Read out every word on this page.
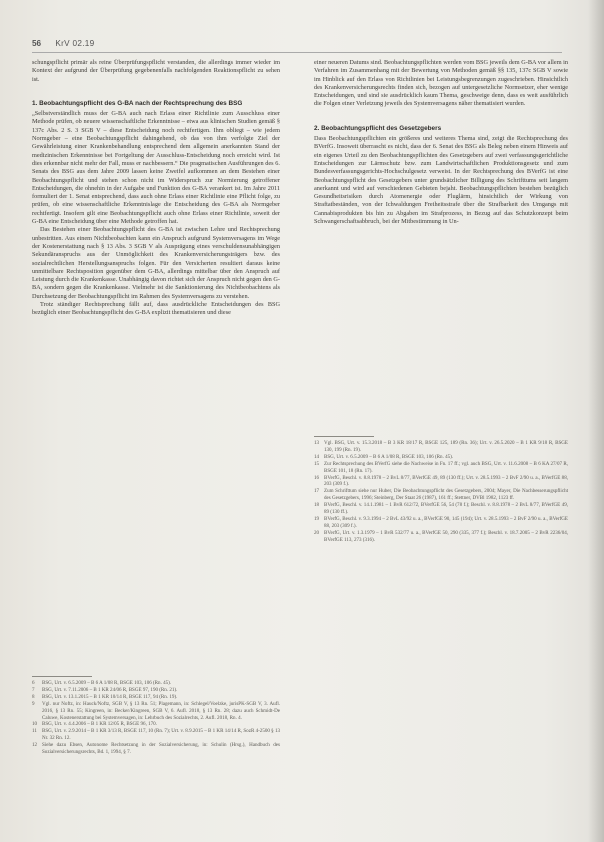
56 KrV 02.19

schungspflicht primär als reine Überprüfungspflicht verstanden, die allerdings immer wieder im Kontext der aufgrund der Überprüfung gegebenenfalls nachfolgenden Reaktionspflicht zu sehen ist.

1. Beobachtungspflicht des G-BA nach der Rechtsprechung des BSG

„Selbstverständlich muss der G-BA auch nach Erlass einer Richtlinie zum Ausschluss einer Methode prüfen, ob neuere wissenschaftliche Erkenntnisse – etwa aus klinischen Studien gemäß § 137c Abs. 2 S. 3 SGB V – diese Entscheidung noch rechtfertigen. Ihm obliegt – wie jedem Normgeber – eine Beobachtungspflicht dahingehend, ob das von ihm verfolgte Ziel der Gewährleistung einer Krankenbehandlung entsprechend dem allgemein anerkannten Stand der medizinischen Erkenntnisse bei Fortgeltung der Ausschluss-Entscheidung noch erreicht wird. Ist dies erkennbar nicht mehr der Fall, muss er nachbessern.“ Die pragmatischen Ausführungen des 6. Senats des BSG aus dem Jahre 2009 lassen keine Zweifel aufkommen an dem Bestehen einer Beobachtungspflicht und stehen schon nicht im Widerspruch zur Normierung getroffener Entscheidungen, die ohnehin in der Aufgabe und Funktion des G-BA verankert ist. Im Jahre 2011 formuliert der 1. Senat entsprechend, dass auch ohne Erlass einer Richtlinie eine Pflicht folge, zu prüfen, ob eine wissenschaftliche Erkenntnislage die Entscheidung des G-BA als Normgeber rechtfertigt. Insofern gilt eine Beobachtungspflicht auch ohne Erlass einer Richtlinie, soweit der G-BA eine Entscheidung über eine Methode getroffen hat.

Das Bestehen einer Beobachtungspflicht des G-BA ist zwischen Lehre und Rechtsprechung unbestritten. Aus einem Nichtbeobachten kann ein Anspruch aufgrund Systemversagens im Wege der Kostenerstattung nach § 13 Abs. 3 SGB V als Ausprägung eines verschuldensunabhängigen Sekundäranspruchs aus der Unmöglichkeit des Krankenversicherungsträgers bzw. des sozialrechtlichen Herstellungsanspruchs folgen. Für den Versicherten resultiert daraus keine unmittelbare Rechtsposition gegenüber dem G-BA, allerdings mittelbar über den Anspruch auf Leistung durch die Krankenkasse. Unabhängig davon richtet sich der Anspruch nicht gegen den G-BA, sondern gegen die Krankenkasse. Vielmehr ist die Sanktionierung des Nichtbeobachtens als Durchsetzung der Beobachtungspflicht im Rahmen des Systemversagens zu verstehen.

Trotz ständiger Rechtsprechung fällt auf, dass ausdrückliche Entscheidungen des BSG bezüglich einer Beobachtungspflicht des G-BA explizit thematisieren und diese

einer neueren Datums sind. Beobachtungspflichten werden vom BSG jeweils dem G-BA vor allem in Verfahren im Zusammenhang mit der Bewertung von Methoden gemäß §§ 135, 137c SGB V sowie im Hinblick auf den Erlass von Richtlinien bei Leistungsbegrenzungen zugeschrieben. Hinsichtlich des Krankenversicherungsrechts finden sich, bezogen auf untergesetzliche Normsetzer, eher wenige Entscheidungen, und sind sie ausdrücklich kaum Thema, geschweige denn, dass es weit ausführlich die Folgen einer Verletzung jeweils des Systemversagens näher thematisiert wurden.

2. Beobachtungspflicht des Gesetzgebers

Dass Beobachtungspflichten ein größeres und weiteres Thema sind, zeigt die Rechtsprechung des BVerfG. Insoweit überrascht es nicht, dass der 6. Senat des BSG als Beleg neben einem Hinweis auf ein eigenes Urteil zu den Beobachtungspflichten des Gesetzgebers auf zwei verfassungsgerichtliche Entscheidungen zur Lärmschutz bzw. zum Landwirtschaftlichen Produktionsgesetz und zum Bundesverfassungsgerichts-Hochschulgesetz verweist. In der Rechtsprechung des BVerfG ist eine Beobachtungspflicht des Gesetzgebers unter grundsätzlicher Billigung des Schrifttums seit langem anerkannt und wird auf verschiedenen Gebieten bejaht. Beobachtungspflichten bestehen bezüglich Gesundheitsrisiken durch Atomenergie oder Fluglärm, hinsichtlich der Wirkung von Straftatbeständen, von der Ichwaldungen Freiheitsstrafe über die Strafbarkeit des Umgangs mit Cannabisprodukten bis hin zu Abgaben im Strafprozess, in Bezug auf das Schutzkonzept beim Schwangerschaftsabbruch, bei der Mitbestimmung in Un-

6	BSG, Urt. v. 6.5.2009 – B 6 A 1/08 R, BSGE 103, 106 (Rn. 45).
7	BSG, Urt. v. 7.11.2006 – B 1 KR 24/06 R, BSGE 97, 190 (Rn. 21).
8	BSG, Urt. v. 13.1.2015 – B 1 KR 10/14 R, BSGE 117, 94 (Rn. 19).
9	Vgl. nur Noftz, in: Hauck/Noftz, SGB V, § 13 Rn. 51; Plagemann, in: Schlegel/Voelzke, jurisPK-SGB V, 3. Aufl. 2016, § 13 Rn. 55; Kingreen, in: Becker/Kingreen, SGB V, 6. Aufl. 2018, § 13 Rn. 28; dazu auch Schmidt-De Caluwe, Kostenerstattung bei Systemversagen, in: Lehrbuch des Sozialrechts, 2. Aufl. 2018, Rn. 4.
10 BSG, Urt. v. 4.4.2006 – B 1 KR 12/05 R, BSGE 96, 170.
11	BSG, Urt. v. 2.9.2014 – B 1 KR 3/13 R, BSGE 117, 10 (Rn. 7); Urt. v. 8.9.2015 – B 1 KR 14/14 R, SozR 4-2500 § 13 Nr. 32 Rn. 12.
12 Siehe dazu Ebsen, Autonome Rechtsetzung in der Sozialversicherung, in: Schulin (Hrsg.), Handbuch des Sozialversicherungsrechts, Bd. 1, 1994, § 7.
13 Vgl. BSG, Urt. v. 15.3.2018 – B 3 KR 18/17 R, BSGE 125, 189 (Rn. 36); Urt. v. 26.5.2020 – B 1 KR 9/18 R, BSGE 130, 199 (Rn. 19).
14 BSG, Urt. v. 6.5.2009 – B 6 A 1/08 R, BSGE 103, 106 (Rn. 45).
15 Zur Rechtsprechung des BVerfG siehe die Nachweise in Fn. 17 ff.; vgl. auch BSG, Urt. v. 11.6.2008 – B 6 KA 27/07 R, BSGE 101, 18 (Rn. 17).
16 BVerfG, Beschl. v. 8.8.1978 – 2 BvL 8/77, BVerfGE 49, 89 (130 ff.); Urt. v. 28.5.1993 – 2 BvF 2/90 u. a., BVerfGE 88, 203 (309 f.).
17 Zum Schrifttum siehe nur Huber, Die Beobachtungspflicht des Gesetzgebers, 2004; Mayer, Die Nachbesserungspflicht des Gesetzgebers, 1996; Steinberg, Der Staat 26 (1987), 161 ff.; Stettner, DVBl 1982, 1123 ff.
18 BVerfG, Beschl. v. 14.1.1981 – 1 BvR 612/72, BVerfGE 56, 54 (78 f.); Beschl. v. 8.8.1978 – 2 BvL 8/77, BVerfGE 49, 89 (130 ff.).
19 BVerfG, Beschl. v. 9.3.1994 – 2 BvL 43/92 u. a., BVerfGE 90, 145 (194); Urt. v. 28.5.1993 – 2 BvF 2/90 u. a., BVerfGE 88, 203 (309 f.).
20 BVerfG, Urt. v. 1.3.1979 – 1 BvR 532/77 u. a., BVerfGE 50, 290 (335, 377 f.); Beschl. v. 18.7.2005 – 2 BvR 2236/04, BVerfGE 113, 273 (316).
